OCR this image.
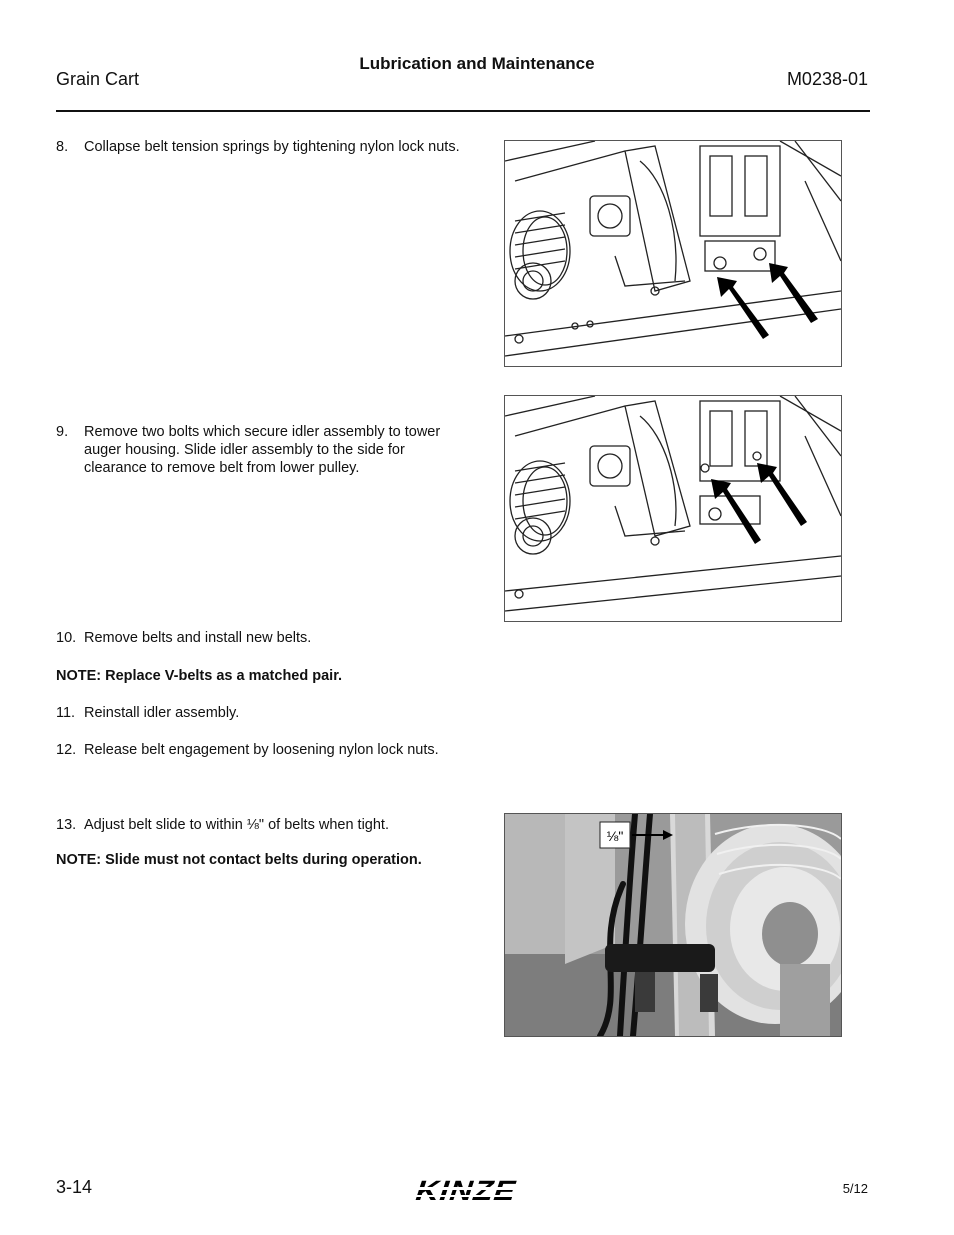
Lubrication and Maintenance
Grain Cart	M0238-01
8.	Collapse belt tension springs by tightening nylon lock nuts.
9.	Remove two bolts which secure idler assembly to tower auger housing. Slide idler assembly to the side for clearance to remove belt from lower pulley.
10. Remove belts and install new belts.
NOTE: Replace V-belts as a matched pair.
11. Reinstall idler assembly.
12. Release belt engagement by loosening nylon lock nuts.
13. Adjust belt slide to within ⅛" of belts when tight.
NOTE: Slide must not contact belts during operation.
⅛"
3-14	KINZE	5/12
